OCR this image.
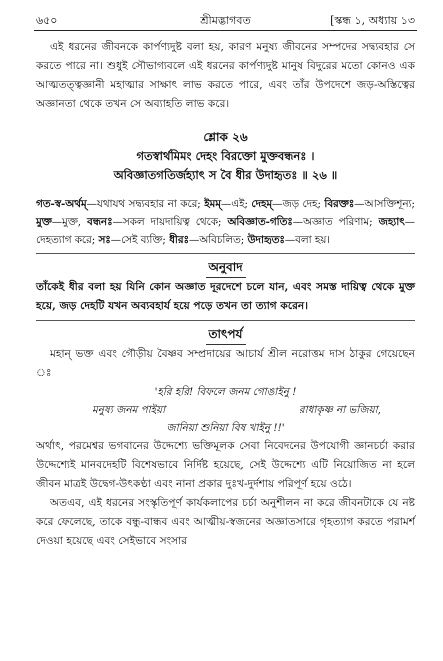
৬৫০	শ্রীমদ্ভাগবত	[স্কন্ধ ১, অধ্যায় ১৩

এই ধরনের জীবনকে কার্পণ্যদুষ্ট বলা হয়, কারণ মনুষ্য জীবনের সম্পদের সদ্ব্যবহার সে করতে পারে না। শুধুই সৌভাগ্যবলে এই ধরনের কার্পণ্যদুষ্ট মানুষ বিদুরের মতো কোনও এক আত্মতত্ত্বজ্ঞানী মহাত্মার সাক্ষাৎ লাভ করতে পারে, এবং তাঁর উপদেশে জড়-অস্তিত্বের অজ্ঞানতা থেকে তখন সে অব্যাহতি লাভ করে।

শ্লোক ২৬

গতস্বার্থমিমং দেহং বিরক্তো মুক্তবন্ধনঃ ।
অবিজ্ঞাতগতির্জহ্যাৎ স বৈ ধীর উদাহৃতঃ ॥ ২৬ ॥

গত-স্ব-অর্থম্—যথাযথ সদ্ব্যবহার না করে; ইমম্—এই; দেহম্—জড় দেহ; বিরক্তঃ—আসক্তিশূন্য; মুক্ত—মুক্ত, বন্ধনঃ—সকল দায়দায়িত্ব থেকে; অবিজ্ঞাত-গতিঃ—অজ্ঞাত পরিণাম; জহ্যাৎ—দেহত্যাগ করে; সঃ—সেই ব্যক্তি; ধীরঃ—অবিচলিত; উদাহৃতঃ—বলা হয়।

অনুবাদ

তাঁকেই ধীর বলা হয় যিনি কোন অজ্ঞাত দূরদেশে চলে যান, এবং সমস্ত দায়িত্ব থেকে মুক্ত হয়ে, জড় দেহটি যখন অব্যবহার্য হয়ে পড়ে তখন তা ত্যাগ করেন।

তাৎপর্য

মহান্ ভক্ত এবং গৌড়ীয় বৈষ্ণব সম্প্রদায়ের আচার্য শ্রীল নরোত্তম দাস ঠাকুর গেয়েছেন ঃ

'হরি হরি! বিফলে জনম গোঙাইনু !
মনুষ্য জনম পাইয়া	রাধাকৃষ্ণ না ভজিয়া,
জানিয়া শুনিয়া বিষ খাইনু !!'

অর্থাৎ, পরমেশ্বর ভগবানের উদ্দেশ্যে ভক্তিমূলক সেবা নিবেদনের উপযোগী জ্ঞানচর্চা করার উদ্দেশ্যেই মানবদেহটি বিশেষভাবে নির্দিষ্ট হয়েছে, সেই উদ্দেশ্যে এটি নিয়োজিত না হলে জীবন মাত্রই উদ্বেগ-উৎকণ্ঠা এবং নানা প্রকার দুঃখ-দুর্দশায় পরিপূর্ণ হয়ে ওঠে।

অতএব, এই ধরনের সংস্কৃতিপূর্ণ কার্যকলাপের চর্চা অনুশীলন না করে জীবনটাকে যে নষ্ট করে ফেলেছে, তাকে বন্ধু-বান্ধব এবং আত্মীয়-স্বজনের অজ্ঞাতসারে গৃহত্যাগ করতে পরামর্শ দেওয়া হয়েছে এবং সেইভাবে সংসার
